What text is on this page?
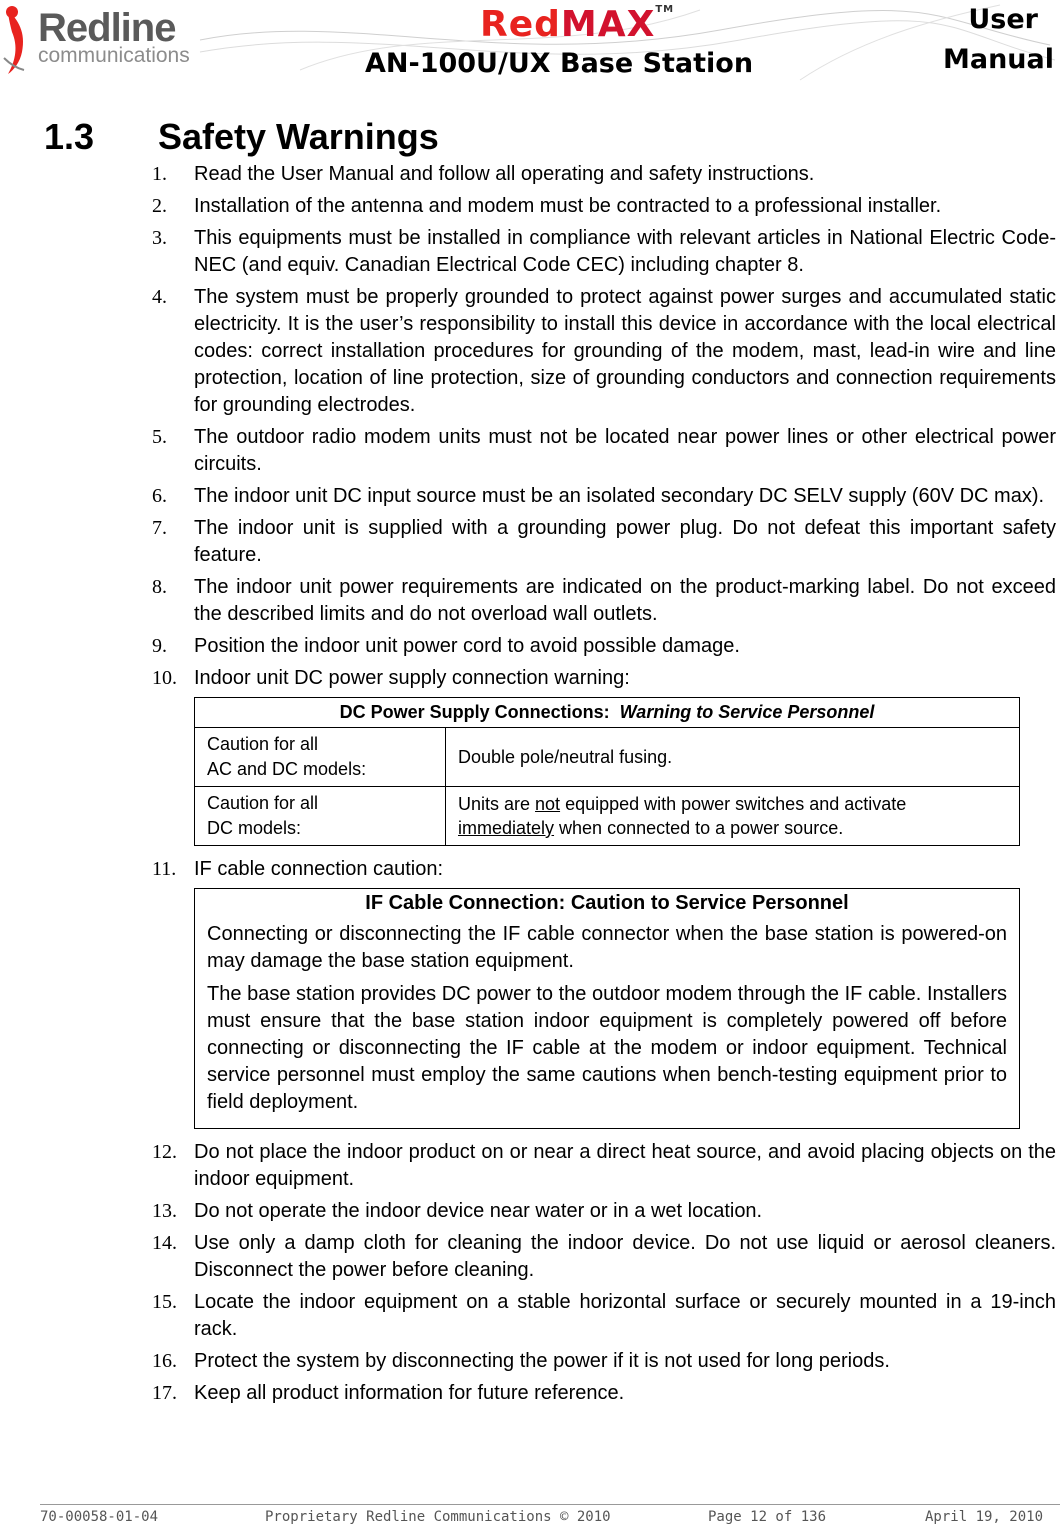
Redline
communications
RedMAX™
AN-100U/UX Base Station
User
Manual
1.3 Safety Warnings
1. Read the User Manual and follow all operating and safety instructions.
2. Installation of the antenna and modem must be contracted to a professional installer.
3. This equipments must be installed in compliance with relevant articles in National Electric Code-NEC (and equiv. Canadian Electrical Code CEC) including chapter 8.
4. The system must be properly grounded to protect against power surges and accumulated static electricity. It is the user’s responsibility to install this device in accordance with the local electrical codes: correct installation procedures for grounding of the modem, mast, lead-in wire and line protection, location of line protection, size of grounding conductors and connection requirements for grounding electrodes.
5. The outdoor radio modem units must not be located near power lines or other electrical power circuits.
6. The indoor unit DC input source must be an isolated secondary DC SELV supply (60V DC max).
7. The indoor unit is supplied with a grounding power plug. Do not defeat this important safety feature.
8. The indoor unit power requirements are indicated on the product-marking label. Do not exceed the described limits and do not overload wall outlets.
9. Position the indoor unit power cord to avoid possible damage.
10. Indoor unit DC power supply connection warning:
DC Power Supply Connections: Warning to Service Personnel	
Caution for all
AC and DC models:	Double pole/neutral fusing.
Caution for all
DC models:	Units are not equipped with power switches and activate immediately when connected to a power source.
11. IF cable connection caution:
IF Cable Connection: Caution to Service Personnel

Connecting or disconnecting the IF cable connector when the base station is powered-on may damage the base station equipment.

The base station provides DC power to the outdoor modem through the IF cable. Installers must ensure that the base station indoor equipment is completely powered off before connecting or disconnecting the IF cable at the modem or indoor equipment. Technical service personnel must employ the same cautions when bench-testing equipment prior to field deployment.

12. Do not place the indoor product on or near a direct heat source, and avoid placing objects on the indoor equipment.
13. Do not operate the indoor device near water or in a wet location.
14. Use only a damp cloth for cleaning the indoor device. Do not use liquid or aerosol cleaners. Disconnect the power before cleaning.
15. Locate the indoor equipment on a stable horizontal surface or securely mounted in a 19-inch rack.
16. Protect the system by disconnecting the power if it is not used for long periods.
17. Keep all product information for future reference.
70-00058-01-04	Proprietary Redline Communications © 2010	Page 12 of 136	April 19, 2010
